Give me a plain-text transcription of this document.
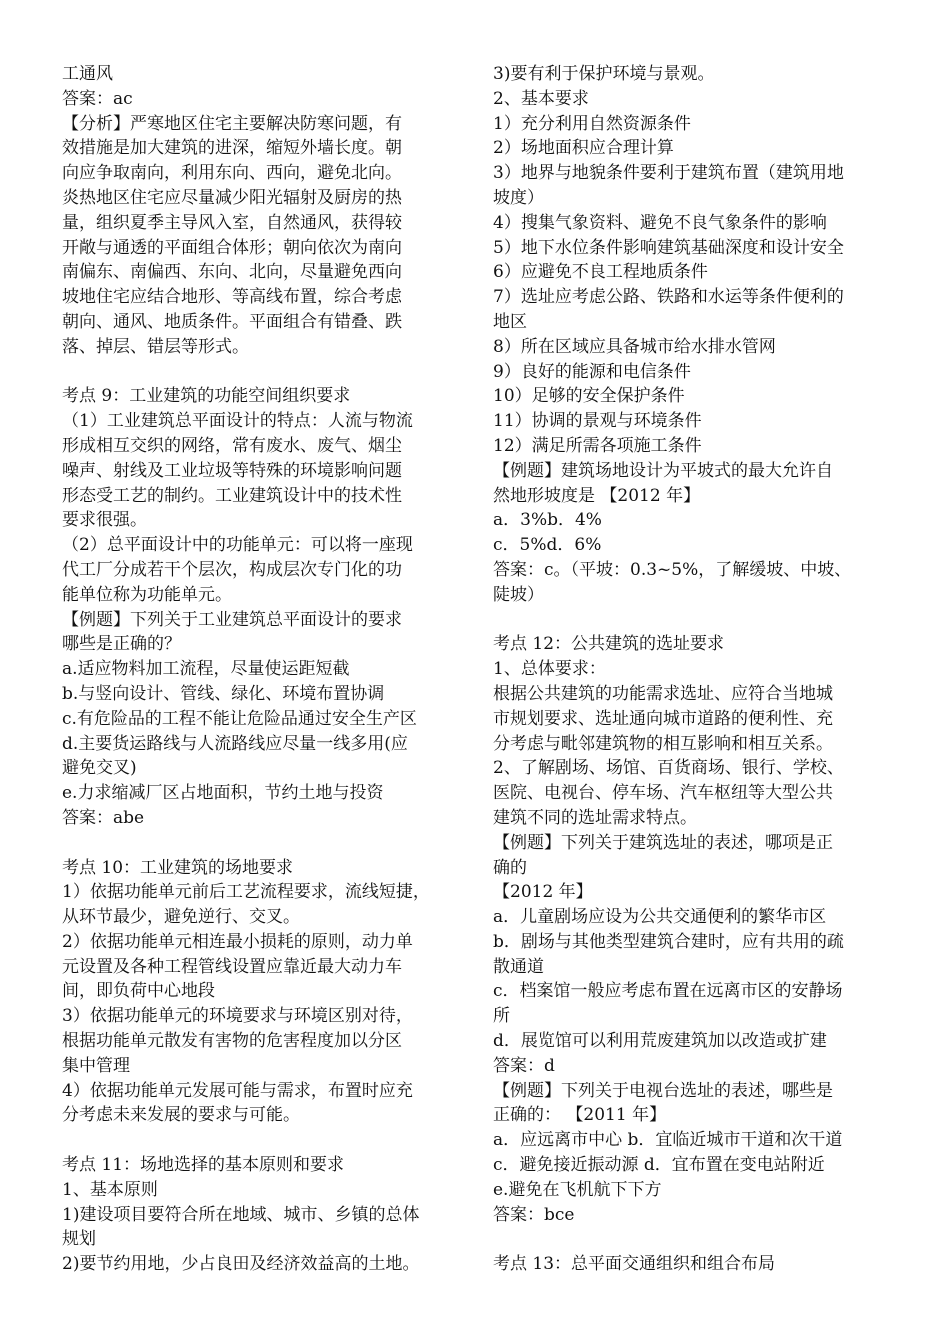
工通风
答案：ac
【分析】严寒地区住宅主要解决防寒问题，有
效措施是加大建筑的进深，缩短外墙长度。朝
向应争取南向，利用东向、西向，避免北向。
炎热地区住宅应尽量减少阳光辐射及厨房的热
量，组织夏季主导风入室，自然通风，获得较
开敞与通透的平面组合体形；朝向依次为南向
南偏东、南偏西、东向、北向，尽量避免西向
坡地住宅应结合地形、等高线布置，综合考虑
朝向、通风、地质条件。平面组合有错叠、跌
落、掉层、错层等形式。
考点 9：工业建筑的功能空间组织要求
（1）工业建筑总平面设计的特点：人流与物流
形成相互交织的网络，常有废水、废气、烟尘
噪声、射线及工业垃圾等特殊的环境影响问题
形态受工艺的制约。工业建筑设计中的技术性
要求很强。
（2）总平面设计中的功能单元：可以将一座现
代工厂分成若干个层次，构成层次专门化的功
能单位称为功能单元。
【例题】下列关于工业建筑总平面设计的要求
哪些是正确的？
a.适应物料加工流程，尽量使运距短截
b.与竖向设计、管线、绿化、环境布置协调
c.有危险品的工程不能让危险品通过安全生产区
d.主要货运路线与人流路线应尽量一线多用(应
避免交叉)
e.力求缩减厂区占地面积，节约土地与投资
答案：abe
考点 10：工业建筑的场地要求
1）依据功能单元前后工艺流程要求，流线短捷，
从环节最少，避免逆行、交叉。
2）依据功能单元相连最小损耗的原则，动力单
元设置及各种工程管线设置应靠近最大动力车
间，即负荷中心地段
3）依据功能单元的环境要求与环境区别对待，
根据功能单元散发有害物的危害程度加以分区
集中管理
4）依据功能单元发展可能与需求，布置时应充
分考虑未来发展的要求与可能。
考点 11：场地选择的基本原则和要求
1、基本原则
1)建设项目要符合所在地域、城市、乡镇的总体
规划
2)要节约用地，少占良田及经济效益高的土地。
3)要有利于保护环境与景观。
2、基本要求
1）充分利用自然资源条件
2）场地面积应合理计算
3）地界与地貌条件要利于建筑布置（建筑用地
坡度）
4）搜集气象资料、避免不良气象条件的影响
5）地下水位条件影响建筑基础深度和设计安全
6）应避免不良工程地质条件
7）选址应考虑公路、铁路和水运等条件便利的
地区
8）所在区域应具备城市给水排水管网
9）良好的能源和电信条件
10）足够的安全保护条件
11）协调的景观与环境条件
12）满足所需各项施工条件
【例题】建筑场地设计为平坡式的最大允许自
然地形坡度是 【2012 年】
a．3%b．4%
c．5%d．6%
答案：c。（平坡：0.3~5%，了解缓坡、中坡、
陡坡）
考点 12：公共建筑的选址要求
1、总体要求：
根据公共建筑的功能需求选址、应符合当地城
市规划要求、选址通向城市道路的便利性、充
分考虑与毗邻建筑物的相互影响和相互关系。
2、了解剧场、场馆、百货商场、银行、学校、
医院、电视台、停车场、汽车枢纽等大型公共
建筑不同的选址需求特点。
【例题】下列关于建筑选址的表述，哪项是正
确的
【2012 年】
a．儿童剧场应设为公共交通便利的繁华市区
b．剧场与其他类型建筑合建时，应有共用的疏
散通道
c．档案馆一般应考虑布置在远离市区的安静场
所
d．展览馆可以利用荒废建筑加以改造或扩建
答案：d
【例题】下列关于电视台选址的表述，哪些是
正确的： 【2011 年】
a．应远离市中心 b．宜临近城市干道和次干道
c．避免接近振动源 d．宜布置在变电站附近
e.避免在飞机航下下方
答案：bce
考点 13：总平面交通组织和组合布局
